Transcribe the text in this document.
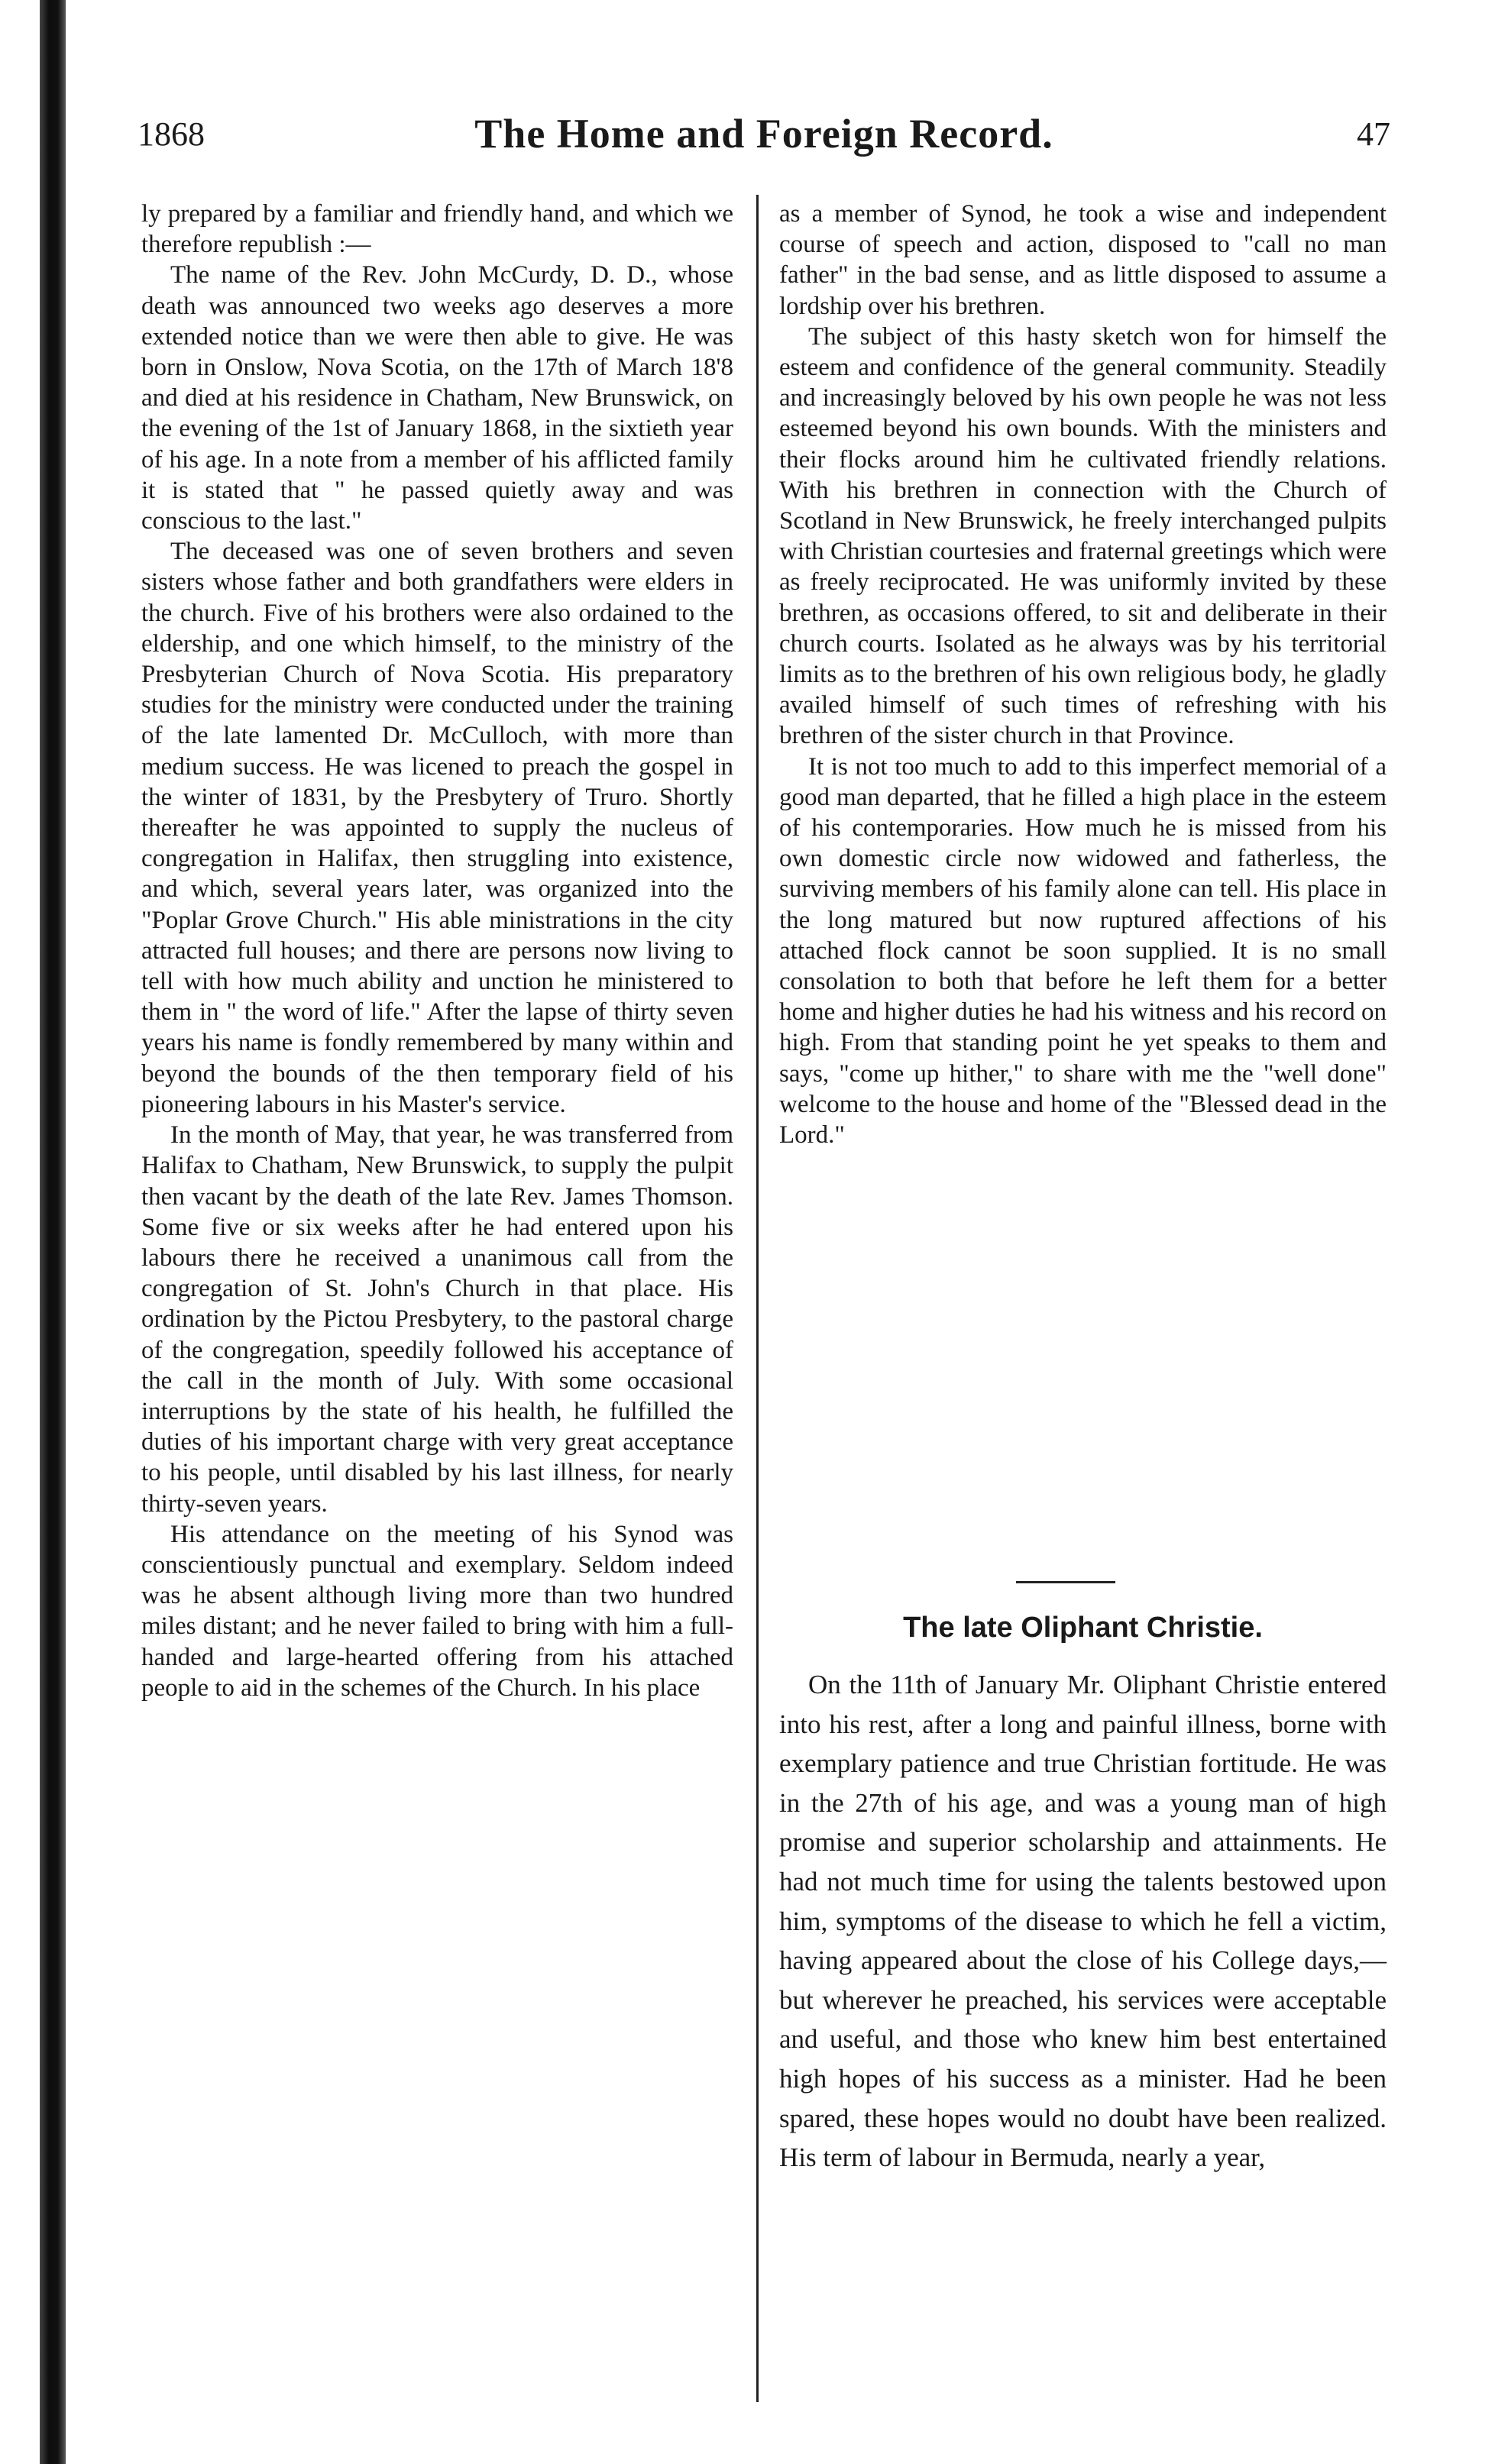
1868	The Home and Foreign Record.	47

ly prepared by a familiar and friendly hand, and which we therefore republish :—

The name of the Rev. John McCurdy, D. D., whose death was announced two weeks ago deserves a more extended notice than we were then able to give. He was born in Onslow, Nova Scotia, on the 17th of March 18'8 and died at his residence in Chatham, New Brunswick, on the evening of the 1st of January 1868, in the sixtieth year of his age. In a note from a member of his afflicted family it is stated that " he passed quietly away and was conscious to the last."

The deceased was one of seven brothers and seven sisters whose father and both grandfathers were elders in the church. Five of his brothers were also ordained to the eldership, and one which himself, to the ministry of the Presbyterian Church of Nova Scotia. His preparatory studies for the ministry were conducted under the training of the late lamented Dr. McCulloch, with more than medium success. He was licened to preach the gospel in the winter of 1831, by the Presbytery of Truro. Shortly thereafter he was appointed to supply the nucleus of congregation in Halifax, then struggling into existence, and which, several years later, was organized into the "Poplar Grove Church." His able ministrations in the city attracted full houses; and there are persons now living to tell with how much ability and unction he ministered to them in " the word of life." After the lapse of thirty seven years his name is fondly remembered by many within and beyond the bounds of the then temporary field of his pioneering labours in his Master's service.

In the month of May, that year, he was transferred from Halifax to Chatham, New Brunswick, to supply the pulpit then vacant by the death of the late Rev. James Thomson. Some five or six weeks after he had entered upon his labours there he received a unanimous call from the congregation of St. John's Church in that place. His ordination by the Pictou Presbytery, to the pastoral charge of the congregation, speedily followed his acceptance of the call in the month of July. With some occasional interruptions by the state of his health, he fulfilled the duties of his important charge with very great acceptance to his people, until disabled by his last illness, for nearly thirty-seven years.

His attendance on the meeting of his Synod was conscientiously punctual and exemplary. Seldom indeed was he absent although living more than two hundred miles distant; and he never failed to bring with him a full-handed and large-hearted offering from his attached people to aid in the schemes of the Church. In his place

as a member of Synod, he took a wise and independent course of speech and action, disposed to "call no man father" in the bad sense, and as little disposed to assume a lordship over his brethren.

The subject of this hasty sketch won for himself the esteem and confidence of the general community. Steadily and increasingly beloved by his own people he was not less esteemed beyond his own bounds. With the ministers and their flocks around him he cultivated friendly relations. With his brethren in connection with the Church of Scotland in New Brunswick, he freely interchanged pulpits with Christian courtesies and fraternal greetings which were as freely reciprocated. He was uniformly invited by these brethren, as occasions offered, to sit and deliberate in their church courts. Isolated as he always was by his territorial limits as to the brethren of his own religious body, he gladly availed himself of such times of refreshing with his brethren of the sister church in that Province.

It is not too much to add to this imperfect memorial of a good man departed, that he filled a high place in the esteem of his contemporaries. How much he is missed from his own domestic circle now widowed and fatherless, the surviving members of his family alone can tell. His place in the long matured but now ruptured affections of his attached flock cannot be soon supplied. It is no small consolation to both that before he left them for a better home and higher duties he had his witness and his record on high. From that standing point he yet speaks to them and says, "come up hither," to share with me the "well done" welcome to the house and home of the "Blessed dead in the Lord."

The late Oliphant Christie.

On the 11th of January Mr. Oliphant Christie entered into his rest, after a long and painful illness, borne with exemplary patience and true Christian fortitude. He was in the 27th of his age, and was a young man of high promise and superior scholarship and attainments. He had not much time for using the talents bestowed upon him, symptoms of the disease to which he fell a victim, having appeared about the close of his College days,—but wherever he preached, his services were acceptable and useful, and those who knew him best entertained high hopes of his success as a minister. Had he been spared, these hopes would no doubt have been realized. His term of labour in Bermuda, nearly a year,
